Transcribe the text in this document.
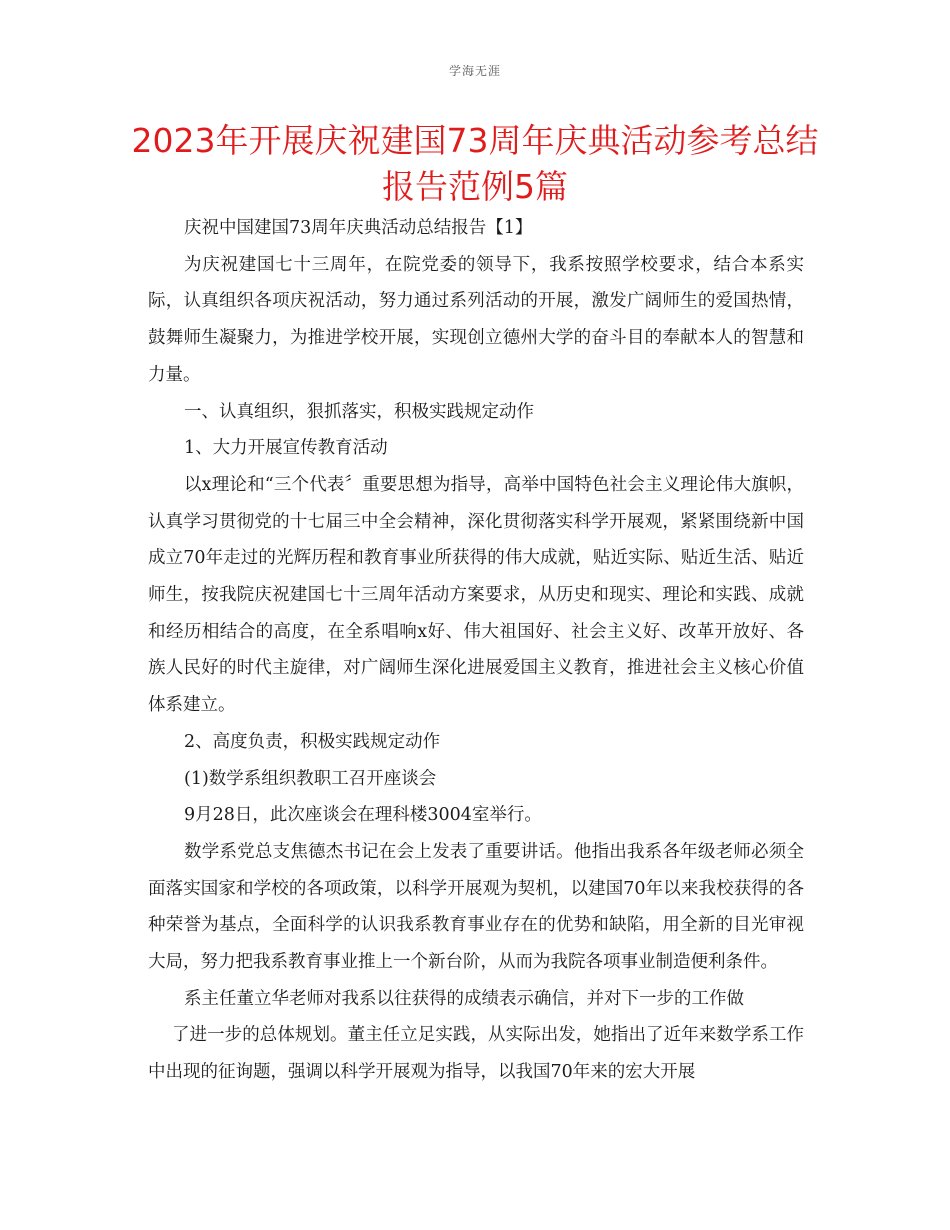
学海无涯
2023年开展庆祝建国73周年庆典活动参考总结报告范例5篇

庆祝中国建国73周年庆典活动总结报告【1】

为庆祝建国七十三周年，在院党委的领导下，我系按照学校要求，结合本系实际，认真组织各项庆祝活动，努力通过系列活动的开展，激发广阔师生的爱国热情，鼓舞师生凝聚力，为推进学校开展，实现创立德州大学的奋斗目的奉献本人的智慧和力量。

一、认真组织，狠抓落实，积极实践规定动作

1、大力开展宣传教育活动

以x理论和“三个代表〞重要思想为指导，高举中国特色社会主义理论伟大旗帜，认真学习贯彻党的十七届三中全会精神，深化贯彻落实科学开展观，紧紧围绕新中国成立70年走过的光辉历程和教育事业所获得的伟大成就，贴近实际、贴近生活、贴近师生，按我院庆祝建国七十三周年活动方案要求，从历史和现实、理论和实践、成就和经历相结合的高度，在全系唱响x好、伟大祖国好、社会主义好、改革开放好、各族人民好的时代主旋律，对广阔师生深化进展爱国主义教育，推进社会主义核心价值体系建立。

2、高度负责，积极实践规定动作

(1)数学系组织教职工召开座谈会

9月28日，此次座谈会在理科楼3004室举行。

数学系党总支焦德杰书记在会上发表了重要讲话。他指出我系各年级老师必须全面落实国家和学校的各项政策，以科学开展观为契机，以建国70年以来我校获得的各种荣誉为基点，全面科学的认识我系教育事业存在的优势和缺陷，用全新的目光审视大局，努力把我系教育事业推上一个新台阶，从而为我院各项事业制造便利条件。

系主任董立华老师对我系以往获得的成绩表示确信，并对下一步的工作做

了进一步的总体规划。董主任立足实践，从实际出发，她指出了近年来数学系工作中出现的征询题，强调以科学开展观为指导，以我国70年来的宏大开展
